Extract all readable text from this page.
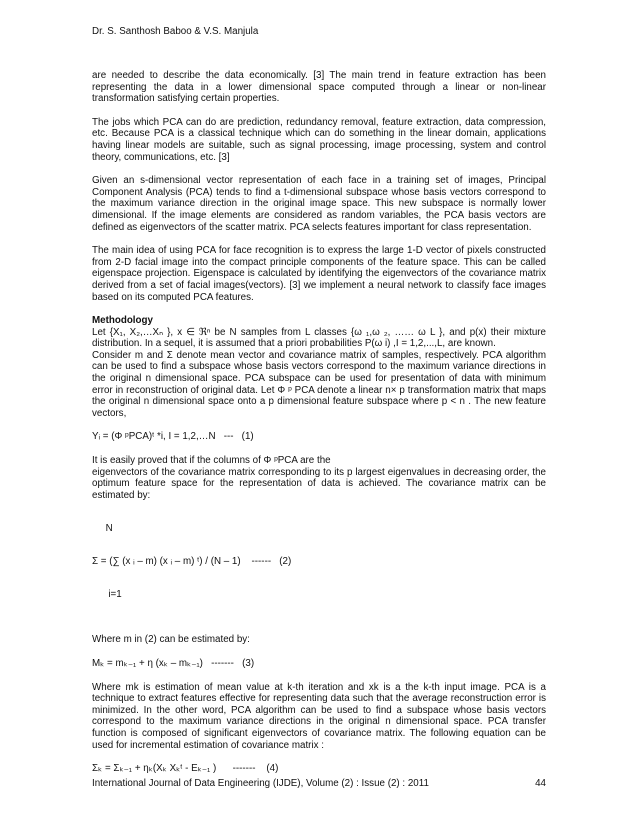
Dr. S. Santhosh Baboo & V.S. Manjula

are needed to describe the data economically. [3] The main trend in feature extraction has been representing the data in a lower dimensional space computed through a linear or non-linear transformation satisfying certain properties.

The jobs which PCA can do are prediction, redundancy removal, feature extraction, data compression, etc. Because PCA is a classical technique which can do something in the linear domain, applications having linear models are suitable, such as signal processing, image processing, system and control theory, communications, etc. [3]

Given an s-dimensional vector representation of each face in a training set of images, Principal Component Analysis (PCA) tends to find a t-dimensional subspace whose basis vectors correspond to the maximum variance direction in the original image space. This new subspace is normally lower dimensional. If the image elements are considered as random variables, the PCA basis vectors are defined as eigenvectors of the scatter matrix. PCA selects features important for class representation.

The main idea of using PCA for face recognition is to express the large 1-D vector of pixels constructed from 2-D facial image into the compact principle components of the feature space. This can be called eigenspace projection. Eigenspace is calculated by identifying the eigenvectors of the covariance matrix derived from a set of facial images(vectors). [3] we implement a neural network to classify face images based on its computed PCA features.

Methodology

Let {X₁, X₂,…Xₙ }, x ∈ ℜⁿ be N samples from L classes {ω ₁,ω ₂, …… ω L }, and p(x) their mixture distribution. In a sequel, it is assumed that a priori probabilities P(ω i) ,I = 1,2,...,L, are known.

Consider m and Σ denote mean vector and covariance matrix of samples, respectively. PCA algorithm can be used to find a subspace whose basis vectors correspond to the maximum variance directions in the original n dimensional space. PCA subspace can be used for presentation of data with minimum error in reconstruction of original data. Let Φ ᵖ PCA denote a linear n× p transformation matrix that maps the original n dimensional space onto a p dimensional feature subspace where p < n . The new feature vectors,

Yᵢ = (Φ ᵖPCA)ᵗ *i, I = 1,2,…N   ---   (1)

It is easily proved that if the columns of Φ ᵖPCA are the

eigenvectors of the covariance matrix corresponding to its p largest eigenvalues in decreasing order, the optimum feature space for the representation of data is achieved. The covariance matrix can be estimated by:

N

Σ = (∑ (x ᵢ – m) (x ᵢ – m) ᵗ) / (N – 1)    ------   (2)

i=1

Where m in (2) can be estimated by:

Mₖ = mₖ₋₁ + η (xₖ – mₖ₋₁)   -------   (3)

Where mk is estimation of mean value at k-th iteration and xk is a the k-th input image. PCA is a technique to extract features effective for representing data such that the average reconstruction error is minimized. In the other word, PCA algorithm can be used to find a subspace whose basis vectors correspond to the maximum variance directions in the original n dimensional space. PCA transfer function is composed of significant eigenvectors of covariance matrix. The following equation can be used for incremental estimation of covariance matrix :

Σₖ = Σₖ₋₁ + ηₖ(Xₖ Xₖᵗ - Eₖ₋₁ )      -------    (4)
International Journal of Data Engineering (IJDE), Volume (2) : Issue (2) : 2011	44
